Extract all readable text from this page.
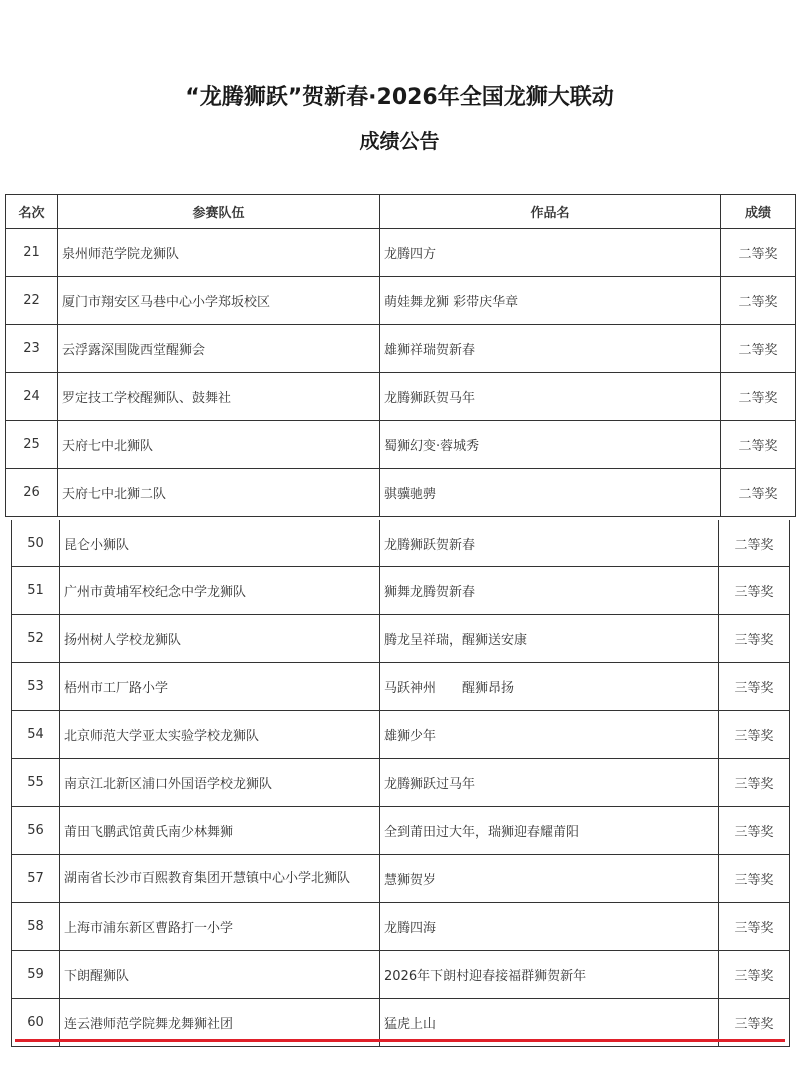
“龙腾狮跃”贺新春·2026年全国龙狮大联动
成绩公告
名次	参赛队伍	作品名	成绩
21	泉州师范学院龙狮队	龙腾四方	二等奖
22	厦门市翔安区马巷中心小学郑坂校区	萌娃舞龙狮 彩带庆华章	二等奖
23	云浮露深围陇西堂醒狮会	雄狮祥瑞贺新春	二等奖
24	罗定技工学校醒狮队、鼓舞社	龙腾狮跃贺马年	二等奖
25	天府七中北狮队	蜀狮幻变·蓉城秀	二等奖
26	天府七中北狮二队	骐骥驰骋	二等奖
50	昆仑小狮队	龙腾狮跃贺新春	二等奖
51	广州市黄埔军校纪念中学龙狮队	狮舞龙腾贺新春	三等奖
52	扬州树人学校龙狮队	腾龙呈祥瑞，醒狮送安康	三等奖
53	梧州市工厂路小学	马跃神州　　醒狮昂扬	三等奖
54	北京师范大学亚太实验学校龙狮队	雄狮少年	三等奖
55	南京江北新区浦口外国语学校龙狮队	龙腾狮跃过马年	三等奖
56	莆田飞鹏武馆黄氏南少林舞狮	全到莆田过大年，瑞狮迎春耀莆阳	三等奖
57	湖南省长沙市百熙教育集团开慧镇中心小学北狮队	慧狮贺岁	三等奖
58	上海市浦东新区曹路打一小学	龙腾四海	三等奖
59	下朗醒狮队	2026年下朗村迎春接福群狮贺新年	三等奖
60	连云港师范学院舞龙舞狮社团	猛虎上山	三等奖
